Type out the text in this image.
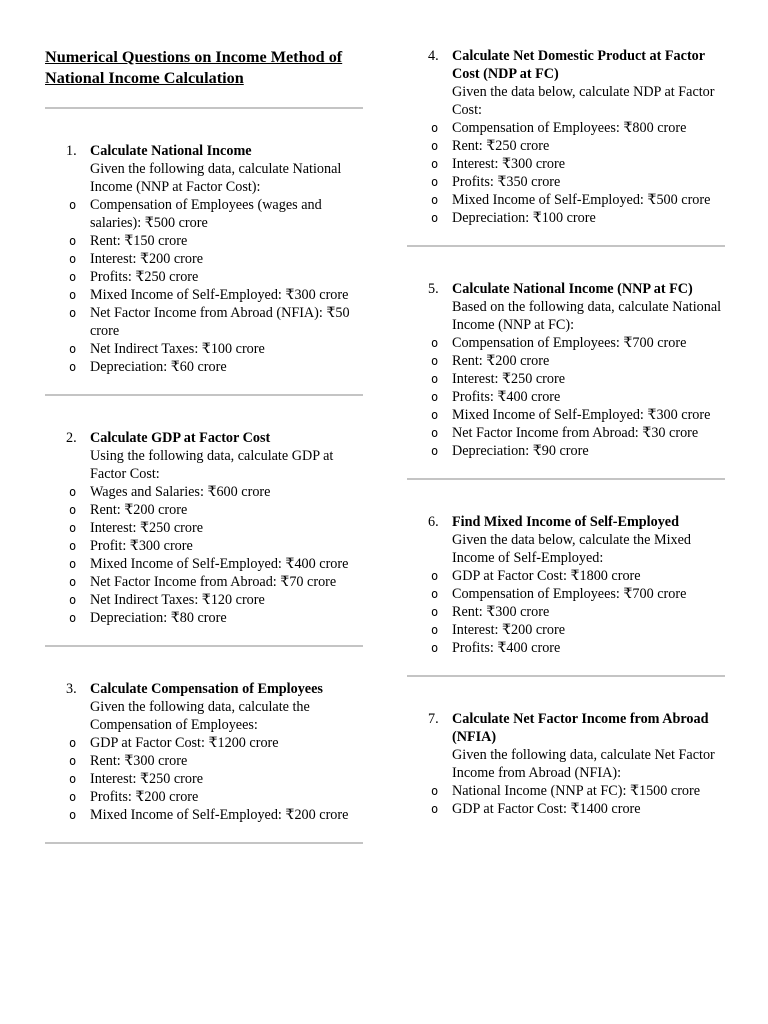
Numerical Questions on Income Method of National Income Calculation
1. Calculate National Income
Given the following data, calculate National Income (NNP at Factor Cost):
o Compensation of Employees (wages and salaries): ₹500 crore
o Rent: ₹150 crore
o Interest: ₹200 crore
o Profits: ₹250 crore
o Mixed Income of Self-Employed: ₹300 crore
o Net Factor Income from Abroad (NFIA): ₹50 crore
o Net Indirect Taxes: ₹100 crore
o Depreciation: ₹60 crore
2. Calculate GDP at Factor Cost
Using the following data, calculate GDP at Factor Cost:
o Wages and Salaries: ₹600 crore
o Rent: ₹200 crore
o Interest: ₹250 crore
o Profit: ₹300 crore
o Mixed Income of Self-Employed: ₹400 crore
o Net Factor Income from Abroad: ₹70 crore
o Net Indirect Taxes: ₹120 crore
o Depreciation: ₹80 crore
3. Calculate Compensation of Employees
Given the following data, calculate the Compensation of Employees:
o GDP at Factor Cost: ₹1200 crore
o Rent: ₹300 crore
o Interest: ₹250 crore
o Profits: ₹200 crore
o Mixed Income of Self-Employed: ₹200 crore
4. Calculate Net Domestic Product at Factor Cost (NDP at FC)
Given the data below, calculate NDP at Factor Cost:
o Compensation of Employees: ₹800 crore
o Rent: ₹250 crore
o Interest: ₹300 crore
o Profits: ₹350 crore
o Mixed Income of Self-Employed: ₹500 crore
o Depreciation: ₹100 crore
5. Calculate National Income (NNP at FC)
Based on the following data, calculate National Income (NNP at FC):
o Compensation of Employees: ₹700 crore
o Rent: ₹200 crore
o Interest: ₹250 crore
o Profits: ₹400 crore
o Mixed Income of Self-Employed: ₹300 crore
o Net Factor Income from Abroad: ₹30 crore
o Depreciation: ₹90 crore
6. Find Mixed Income of Self-Employed
Given the data below, calculate the Mixed Income of Self-Employed:
o GDP at Factor Cost: ₹1800 crore
o Compensation of Employees: ₹700 crore
o Rent: ₹300 crore
o Interest: ₹200 crore
o Profits: ₹400 crore
7. Calculate Net Factor Income from Abroad (NFIA)
Given the following data, calculate Net Factor Income from Abroad (NFIA):
o National Income (NNP at FC): ₹1500 crore
o GDP at Factor Cost: ₹1400 crore
